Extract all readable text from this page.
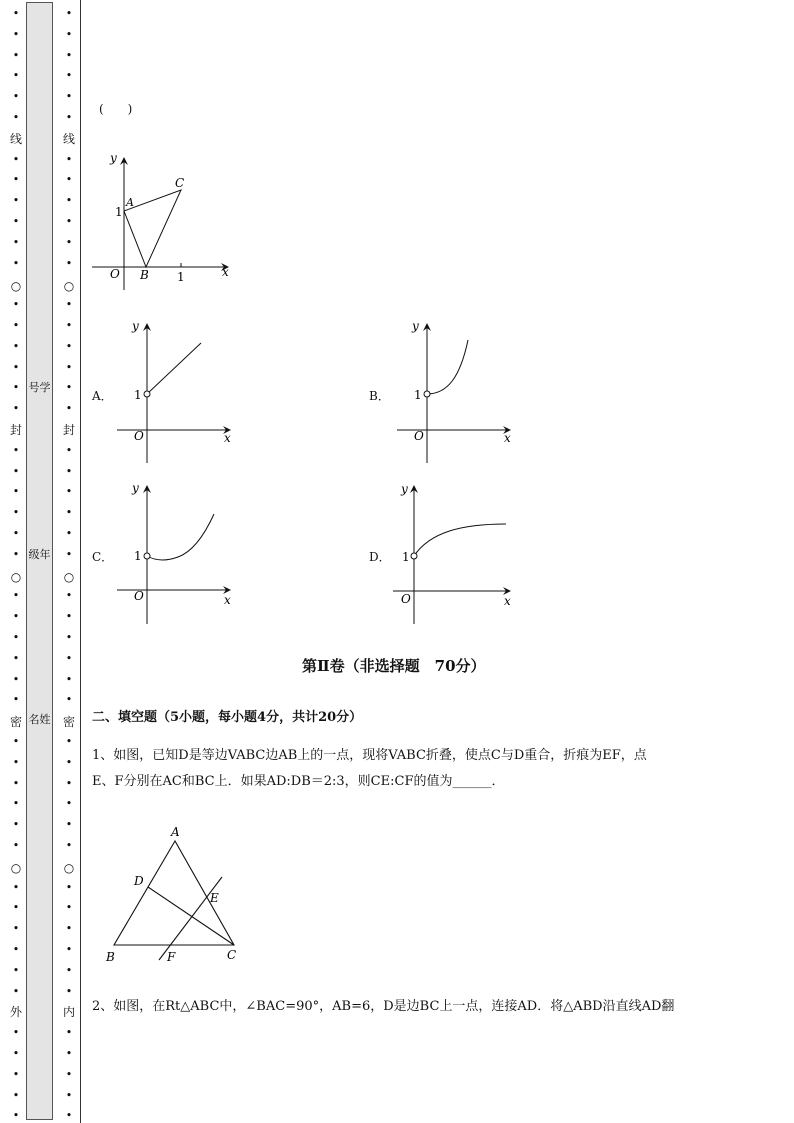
•
•
•
•
•
•
•
•
•
•
•
•
•
•
•
•
•
•
•
•
•
•
•
•
•
•
•
•
•
•
•
•
•
•
•
•
•
•
•
•
•
•
•
•
•
•
•
线
封
密
外
○
○
○
号学
级年
名姓
•
•
•
•
•
•
•
•
•
•
•
•
•
•
•
•
•
•
•
•
•
•
•
•
•
•
•
•
•
•
•
•
•
•
•
•
•
•
•
•
•
•
•
•
•
•
•
线
封
密
内
○
○
○
(　　)
y
x
O
1
1
A
B
C
A．
y
x
O
1	B．
y
x
O
1
C．
y
x
O
1	D．
y
x
O
1
第Ⅱ卷（非选择题　70分）
二、填空题（5小题，每小题4分，共计20分）
1、如图，已知D是等边VABC边AB上的一点，现将VABC折叠，使点C与D重合，折痕为EF，点
E、F分别在AC和BC上．如果AD:DB＝2:3，则CE:CF的值为______．
A
B	C
D
E
F
2、如图，在Rt△ABC中，∠BAC=90°，AB=6，D是边BC上一点，连接AD．将△ABD沿直线AD翻
